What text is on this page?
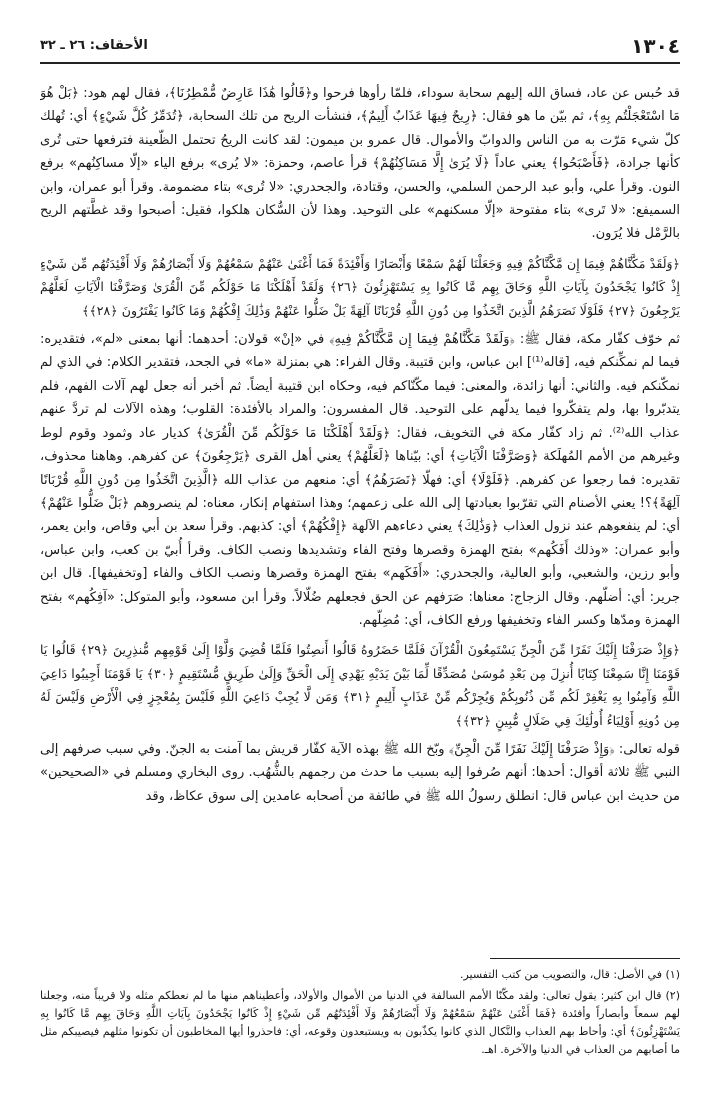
١٣٠٤
الأحقاف: ٢٦ ـ ٣٢

قد حُبس عن عاد، فساق الله إليهم سحابة سوداء، فلمّا رأوها فرحوا و﴿قَالُوا هَٰذَا عَارِضٌ مُّمْطِرُنَا﴾، فقال لهم هود: ﴿بَلْ هُوَ مَا اسْتَعْجَلْتُم بِهِ﴾، ثم بيّن ما هو فقال: ﴿رِيحٌ فِيهَا عَذَابٌ أَلِيمٌ﴾، فنشأت الريح من تلك السحابة، ﴿تُدَمِّرُ كُلَّ شَيْءٍ﴾ أي: تُهلك كلّ شيء مَرّت به من الناس والدوابّ والأموال. قال عمرو بن ميمون: لقد كانت الريحُ تحتمل الظّعينة فترفعها حتى تُرى كأنها جرادة، ﴿فَأَصْبَحُوا﴾ يعني عاداً ﴿لَا يُرَىٰ إِلَّا مَسَاكِنُهُمْ﴾ قرأ عاصم، وحمزة: «لا يُرى» برفع الياء «إلّا مساكِنُهم» برفع النون. وقرأ علي، وأبو عبد الرحمن السلمي، والحسن، وقتادة، والجحدري: «لا تُرى» بتاء مضمومة. وقرأ أبو عمران، وابن السميفع: «لا تَرى» بتاء مفتوحة «إلّا مسكنهم» على التوحيد. وهذا لأن السُّكان هلكوا، فقيل: أصبحوا وقد غطَّتهم الريح بالرَّمْل فلا يُرَون.

﴿وَلَقَدْ مَكَّنَّاهُمْ فِيمَا إِن مَّكَّنَّاكُمْ فِيهِ وَجَعَلْنَا لَهُمْ سَمْعًا وَأَبْصَارًا وَأَفْئِدَةً فَمَا أَغْنَىٰ عَنْهُمْ سَمْعُهُمْ وَلَا أَبْصَارُهُمْ وَلَا أَفْئِدَتُهُم مِّن شَيْءٍ إِذْ كَانُوا يَجْحَدُونَ بِآيَاتِ اللَّهِ وَحَاقَ بِهِم مَّا كَانُوا بِهِ يَسْتَهْزِئُونَ ﴿٢٦﴾ وَلَقَدْ أَهْلَكْنَا مَا حَوْلَكُم مِّنَ الْقُرَىٰ وَصَرَّفْنَا الْآيَاتِ لَعَلَّهُمْ يَرْجِعُونَ ﴿٢٧﴾ فَلَوْلَا نَصَرَهُمُ الَّذِينَ اتَّخَذُوا مِن دُونِ اللَّهِ قُرْبَانًا آلِهَةً بَلْ ضَلُّوا عَنْهُمْ وَذَٰلِكَ إِفْكُهُمْ وَمَا كَانُوا يَفْتَرُونَ ﴿٢٨﴾﴾

ثم خوّف كفّار مكة، فقال ﷺ: ﴿وَلَقَدْ مَكَّنَّاهُمْ فِيمَا إِن مَّكَّنَّاكُمْ فِيهِ﴾ في «إنْ» قولان: أحدهما: أنها بمعنى «لم»، فتقديره: فيما لم نمكِّنكم فيه، [قاله⁽¹⁾] ابن عباس، وابن قتيبة. وقال الفراء: هي بمنزلة «ما» في الجحد، فتقدير الكلام: في الذي لم نمكّنكم فيه. والثاني: أنها زائدة، والمعنى: فيما مكّنّاكم فيه، وحكاه ابن قتيبة أيضاً. ثم أخبر أنه جعل لهم آلات الفهم، فلم يتدبّروا بها، ولم يتفكّروا فيما يدلّهم على التوحيد. قال المفسرون: والمراد بالأفئدة: القلوب؛ وهذه الآلات لم تردَّ عنهم عذاب الله⁽²⁾. ثم زاد كفّار مكة في التخويف، فقال: ﴿وَلَقَدْ أَهْلَكْنَا مَا حَوْلَكُم مِّنَ الْقُرَىٰ﴾ كديار عاد وثمود وقوم لوط وغيرهم من الأمم المُهلَكة ﴿وَصَرَّفْنَا الْآيَاتِ﴾ أي: بيّناها ﴿لَعَلَّهُمْ﴾ يعني أهل القرى ﴿يَرْجِعُونَ﴾ عن كفرهم. وهاهنا محذوف، تقديره: فما رجعوا عن كفرهم. ﴿فَلَوْلَا﴾ أي: فهلّا ﴿نَصَرَهُمُ﴾ أي: منعهم من عذاب الله ﴿الَّذِينَ اتَّخَذُوا مِن دُونِ اللَّهِ قُرْبَانًا آلِهَةً﴾؟! يعني الأصنام التي تقرّبوا بعبادتها إلى الله على زعمهم؛ وهذا استفهام إنكار، معناه: لم ينصروهم ﴿بَلْ ضَلُّوا عَنْهُمْ﴾ أي: لم ينفعوهم عند نزول العذاب ﴿وَذَٰلِكَ﴾ يعني دعاءهم الآلهة ﴿إِفْكُهُمْ﴾ أي: كذبهم. وقرأ سعد بن أبي وقاص، وابن يعمر، وأبو عمران: «وذلك أَفَكُهم» بفتح الهمزة وقصرها وفتح الفاء وتشديدها ونصب الكاف. وقرأ أُبيّ بن كعب، وابن عباس، وأبو رزين، والشعبي، وأبو العالية، والجحدري: «أَفَكَهم» بفتح الهمزة وقصرها ونصب الكاف والفاء [وتخفيفها]. قال ابن جرير: أي: أضلّهم. وقال الزجاج: معناها: صَرَفهم عن الحق فجعلهم ضُلّالاً. وقرأ ابن مسعود، وأبو المتوكل: «آفِكُهم» بفتح الهمزة ومدّها وكسر الفاء وتخفيفها ورفع الكاف، أي: مُضِلّهم.

﴿وَإِذْ صَرَفْنَا إِلَيْكَ نَفَرًا مِّنَ الْجِنِّ يَسْتَمِعُونَ الْقُرْآنَ فَلَمَّا حَضَرُوهُ قَالُوا أَنصِتُوا فَلَمَّا قُضِيَ وَلَّوْا إِلَىٰ قَوْمِهِم مُّنذِرِينَ ﴿٢٩﴾ قَالُوا يَا قَوْمَنَا إِنَّا سَمِعْنَا كِتَابًا أُنزِلَ مِن بَعْدِ مُوسَىٰ مُصَدِّقًا لِّمَا بَيْنَ يَدَيْهِ يَهْدِي إِلَى الْحَقِّ وَإِلَىٰ طَرِيقٍ مُّسْتَقِيمٍ ﴿٣٠﴾ يَا قَوْمَنَا أَجِيبُوا دَاعِيَ اللَّهِ وَآمِنُوا بِهِ يَغْفِرْ لَكُم مِّن ذُنُوبِكُمْ وَيُجِرْكُم مِّنْ عَذَابٍ أَلِيمٍ ﴿٣١﴾ وَمَن لَّا يُجِبْ دَاعِيَ اللَّهِ فَلَيْسَ بِمُعْجِزٍ فِي الْأَرْضِ وَلَيْسَ لَهُ مِن دُونِهِ أَوْلِيَاءُ أُولَٰئِكَ فِي ضَلَالٍ مُّبِينٍ ﴿٣٢﴾﴾

قوله تعالى: ﴿وَإِذْ صَرَفْنَا إِلَيْكَ نَفَرًا مِّنَ الْجِنِّ﴾ وبّخ الله ﷺ بهذه الآية كفّار قريش بما آمنت به الجنّ. وفي سبب صرفهم إلى النبي ﷺ ثلاثة أقوال: أحدها: أنهم صُرفوا إليه بسبب ما حدث من رجمهم بالشُّهُب. روى البخاري ومسلم في «الصحيحين» من حديث ابن عباس قال: انطلق رسولُ الله ﷺ في طائفة من أصحابه عامدين إلى سوق عكاظ، وقد

(١) في الأصل: قال، والتصويب من كتب التفسير.

(٢) قال ابن كثير: يقول تعالى: ولقد مكّنّا الأمم السالفة في الدنيا من الأموال والأولاد، وأعطيناهم منها ما لم نعطكم مثله ولا قريباً منه، وجعلنا لهم سمعاً وأبصاراً وأفئدة ﴿فَمَا أَغْنَىٰ عَنْهُمْ سَمْعُهُمْ وَلَا أَبْصَارُهُمْ وَلَا أَفْئِدَتُهُم مِّن شَيْءٍ إِذْ كَانُوا يَجْحَدُونَ بِآيَاتِ اللَّهِ وَحَاقَ بِهِم مَّا كَانُوا بِهِ يَسْتَهْزِئُونَ﴾ أي: وأحاط بهم العذاب والنَّكال الذي كانوا يكذّبون به ويستبعدون وقوعه، أي: فاحذروا أيها المخاطبون أن تكونوا مثلهم فيصيبكم مثل ما أصابهم من العذاب في الدنيا والآخرة. اهـ.
